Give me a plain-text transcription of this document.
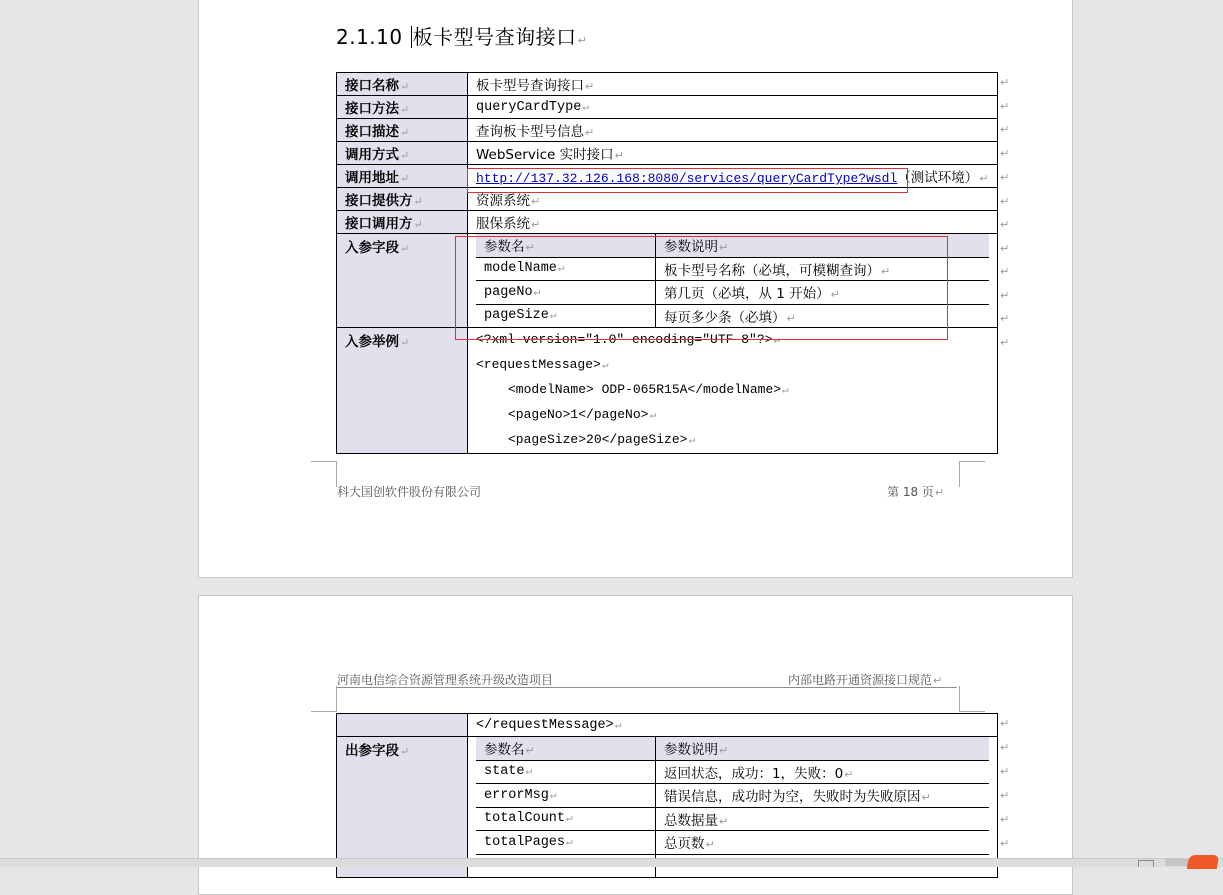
2.1.10 板卡型号查询接口↵
接口名称↵	板卡型号查询接口↵
接口方法↵	queryCardType↵
接口描述↵	查询板卡型号信息↵
调用方式↵	WebService 实时接口↵
调用地址↵	http://137.32.126.168:8080/services/queryCardType?wsdl（测试环境）↵
接口提供方↵	资源系统↵
接口调用方↵	服保系统↵
入参字段↵		参数名↵	参数说明↵
modelName↵	板卡型号名称（必填，可模糊查询）↵
pageNo↵	第几页（必填，从 1 开始）↵
pageSize↵	每页多少条（必填）↵

入参举例↵	<?xml version="1.0" encoding="UTF-8"?>↵
<requestMessage>↵
<modelName> ODP-065R15A</modelName>↵
<pageNo>1</pageNo>↵
<pageSize>20</pageSize>↵
↵
↵
↵
↵
↵
↵
↵
↵
↵
↵
↵
↵
科大国创软件股份有限公司	第 18 页↵
河南电信综合资源管理系统升级改造项目	内部电路开通资源接口规范↵
	</requestMessage>↵
出参字段↵		参数名↵	参数说明↵
state↵	返回状态，成功：1，失败：0↵
errorMsg↵	错误信息，成功时为空，失败时为失败原因↵
totalCount↵	总数据量↵
totalPages↵	总页数↵

↵
↵
↵
↵
↵
↵
